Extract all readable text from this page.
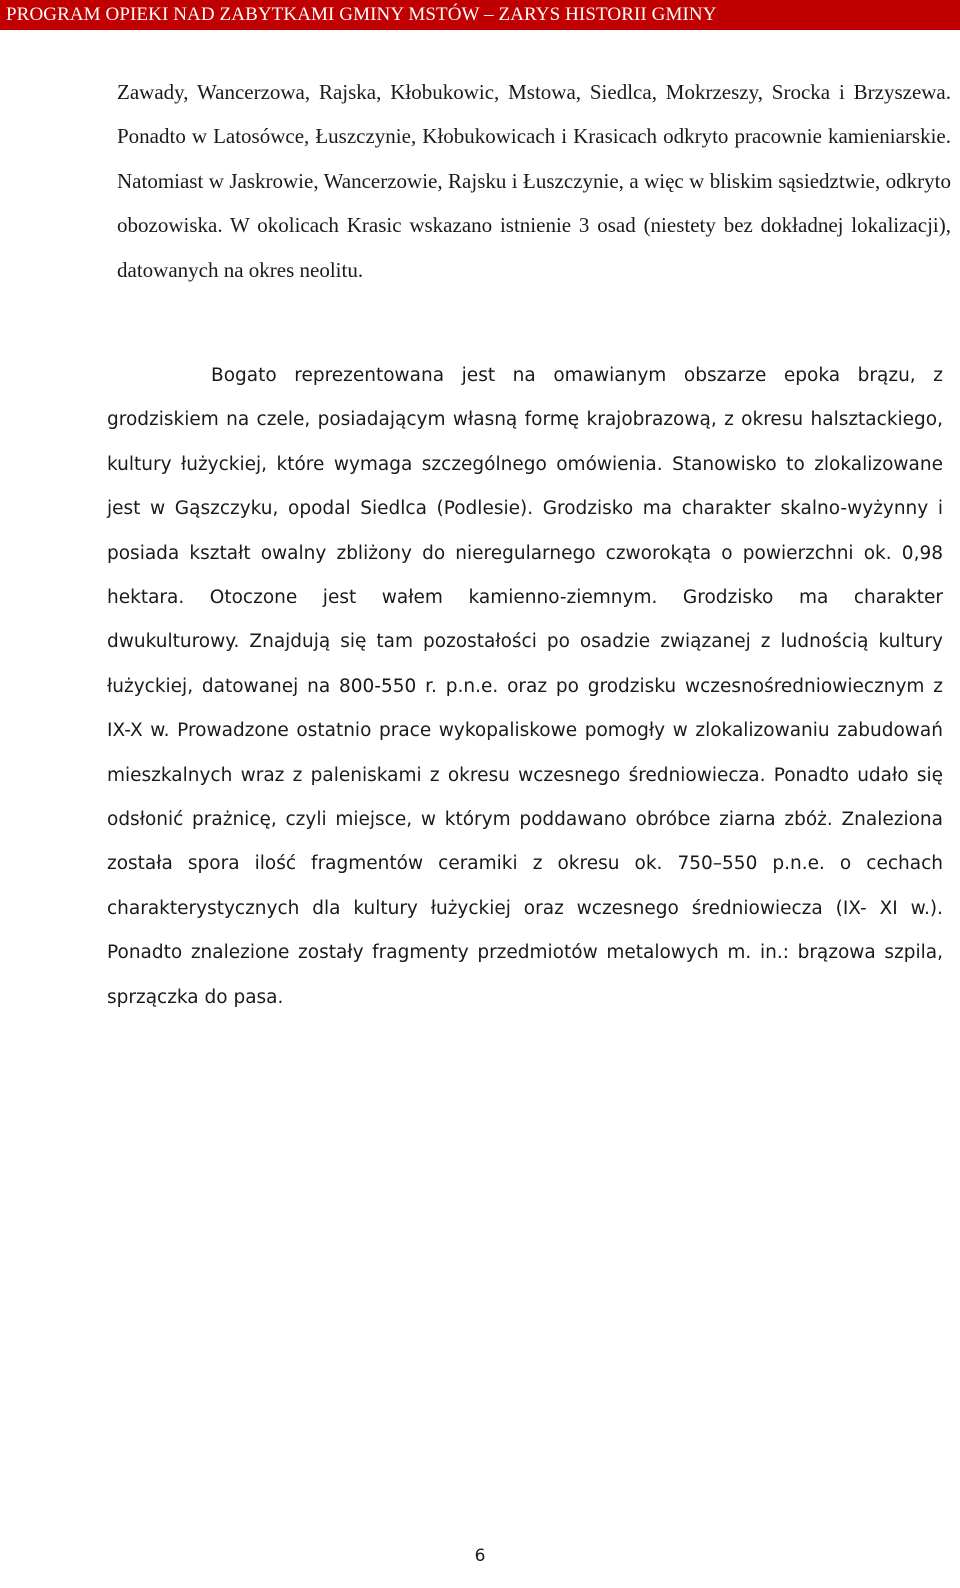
PROGRAM OPIEKI NAD ZABYTKAMI GMINY MSTÓW – ZARYS HISTORII GMINY
Zawady, Wancerzowa, Rajska, Kłobukowic, Mstowa, Siedlca, Mokrzeszy, Srocka i Brzyszewa. Ponadto w Latosówce, Łuszczynie, Kłobukowicach i Krasicach odkryto pracownie kamieniarskie. Natomiast w Jaskrowie, Wancerzowie, Rajsku i Łuszczynie, a więc w bliskim sąsiedztwie, odkryto obozowiska. W okolicach Krasic wskazano istnienie 3 osad (niestety bez dokładnej lokalizacji), datowanych na okres neolitu.
Bogato reprezentowana jest na omawianym obszarze epoka brązu, z grodziskiem na czele, posiadającym własną formę krajobrazową, z okresu halsztackiego, kultury łużyckiej, które wymaga szczególnego omówienia. Stanowisko to zlokalizowane jest w Gąszczyku, opodal Siedlca (Podlesie). Grodzisko ma charakter skalno-wyżynny i posiada kształt owalny zbliżony do nieregularnego czworokąta o powierzchni ok. 0,98 hektara. Otoczone jest wałem kamienno-ziemnym. Grodzisko ma charakter dwukulturowy. Znajdują się tam pozostałości po osadzie związanej z ludnością kultury łużyckiej, datowanej na 800-550 r. p.n.e. oraz po grodzisku wczesnośredniowiecznym z IX-X w. Prowadzone ostatnio prace wykopaliskowe pomogły w zlokalizowaniu zabudowań mieszkalnych wraz z paleniskami z okresu wczesnego średniowiecza. Ponadto udało się odsłonić prażnicę, czyli miejsce, w którym poddawano obróbce ziarna zbóż. Znaleziona została spora ilość fragmentów ceramiki z okresu ok. 750–550 p.n.e. o cechach charakterystycznych dla kultury łużyckiej oraz wczesnego średniowiecza (IX- XI w.). Ponadto znalezione zostały fragmenty przedmiotów metalowych m. in.: brązowa szpila, sprzączka do pasa.
6
